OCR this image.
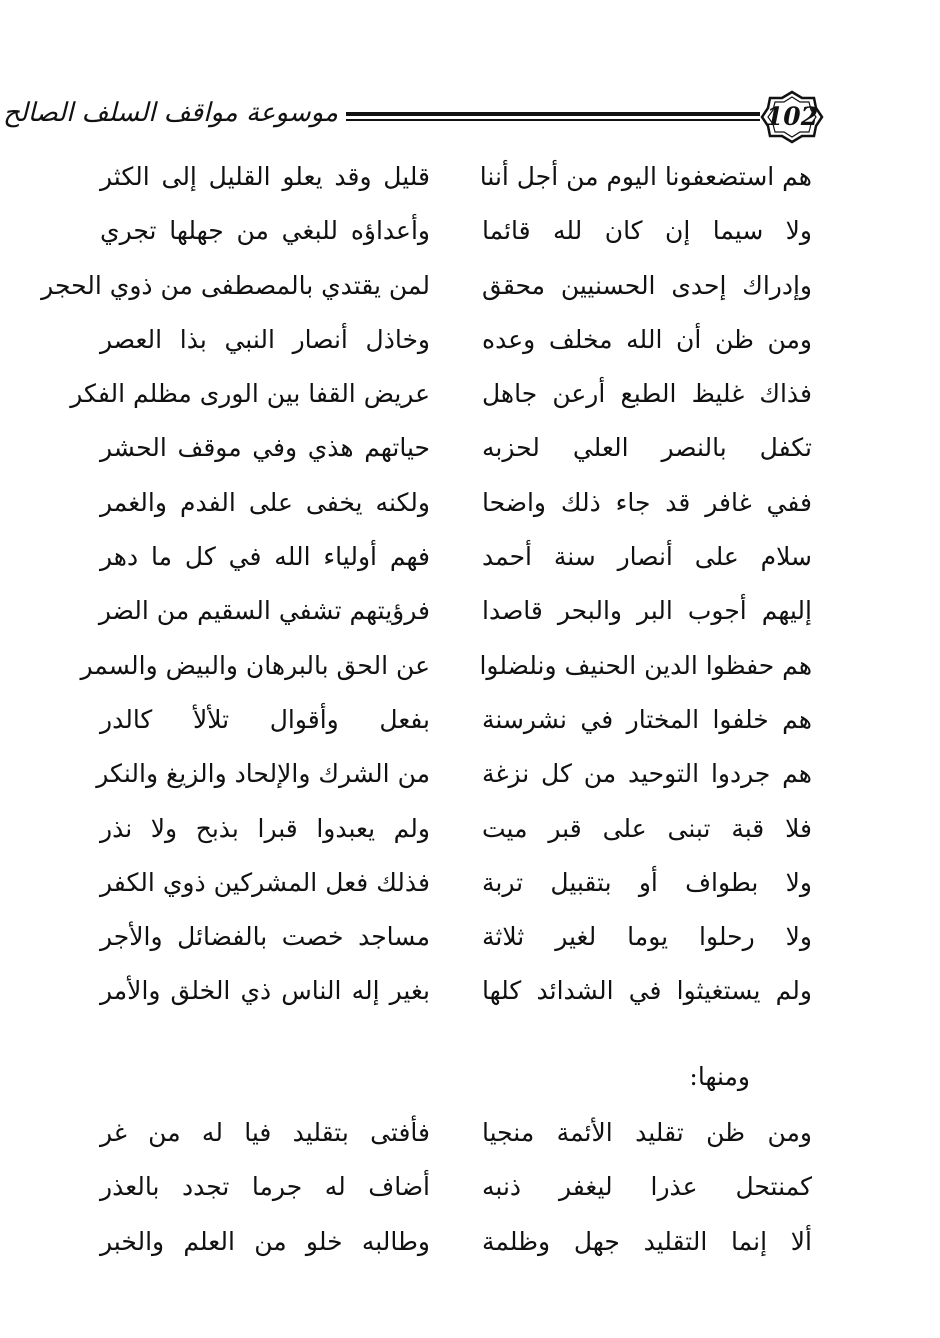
موسوعة مواقف السلف الصالح	102
هم استضعفونا اليوم من أجل أننا
قليل وقد يعلو القليل إلى الكثر
ولا سيما إن كان لله قائما
وأعداؤه للبغي من جهلها تجري
وإدراك إحدى الحسنيين محقق
لمن يقتدي بالمصطفى من ذوي الحجر
ومن ظن أن الله مخلف وعده
وخاذل أنصار النبي بذا العصر
فذاك غليظ الطبع أرعن جاهل
عريض القفا بين الورى مظلم الفكر
تكفل بالنصر العلي لحزبه
حياتهم هذي وفي موقف الحشر
ففي غافر قد جاء ذلك واضحا
ولكنه يخفى على الفدم والغمر
سلام على أنصار سنة أحمد
فهم أولياء الله في كل ما دهر
إليهم أجوب البر والبحر قاصدا
فرؤيتهم تشفي السقيم من الضر
هم حفظوا الدين الحنيف ونلضلوا
عن الحق بالبرهان والبيض والسمر
هم خلفوا المختار في نشرسنة
بفعل وأقوال تلألأ كالدر
هم جردوا التوحيد من كل نزغة
من الشرك والإلحاد والزيغ والنكر
فلا قبة تبنى على قبر ميت
ولم يعبدوا قبرا بذبح ولا نذر
ولا بطواف أو بتقبيل تربة
فذلك فعل المشركين ذوي الكفر
ولا رحلوا يوما لغير ثلاثة
مساجد خصت بالفضائل والأجر
ولم يستغيثوا في الشدائد كلها
بغير إله الناس ذي الخلق والأمر
ومنها:
ومن ظن تقليد الأئمة منجيا
فأفتى بتقليد فيا له من غر
كمنتحل عذرا ليغفر ذنبه
أضاف له جرما تجدد بالعذر
ألا إنما التقليد جهل وظلمة
وطالبه خلو من العلم والخبر
